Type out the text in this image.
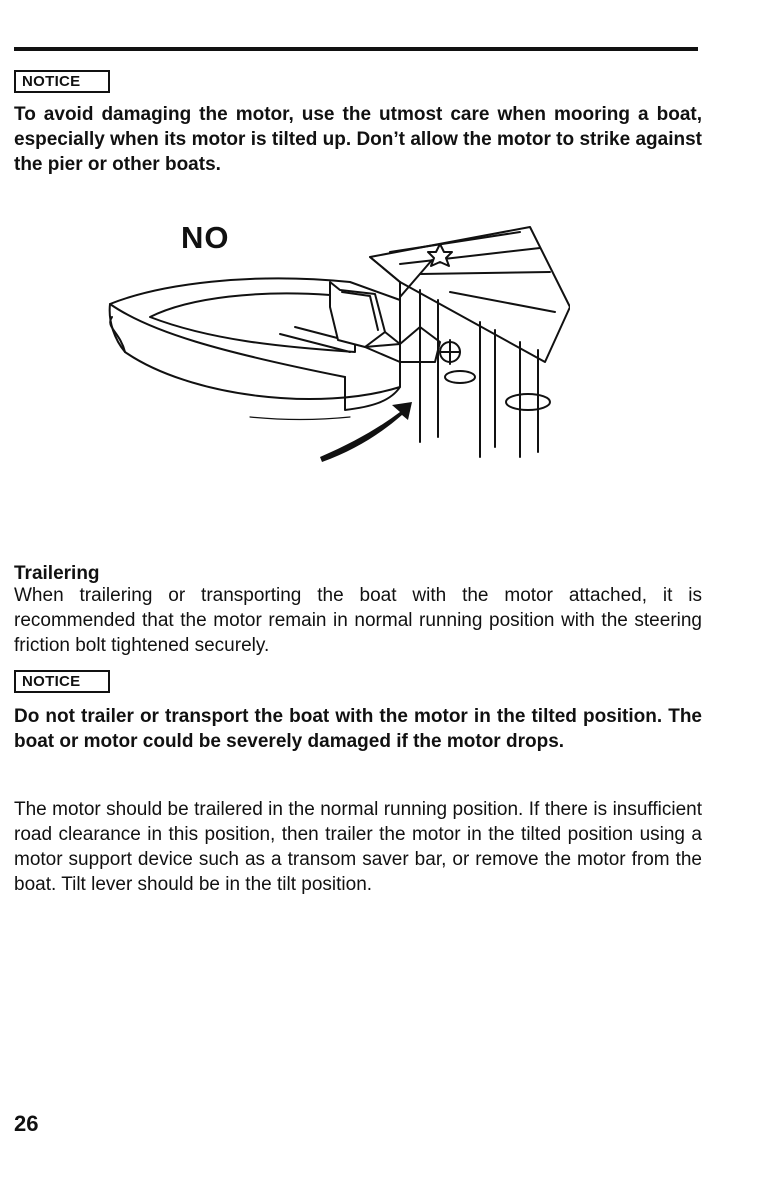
NOTICE

To avoid damaging the motor, use the utmost care when mooring a boat, especially when its motor is tilted up. Don’t allow the motor to strike against the pier or other boats.

NO

Trailering

When trailering or transporting the boat with the motor attached, it is recommended that the motor remain in normal running position with the steering friction bolt tightened securely.

NOTICE

Do not trailer or transport the boat with the motor in the tilted position. The boat or motor could be severely damaged if the motor drops.

The motor should be trailered in the normal running position. If there is insufficient road clearance in this position, then trailer the motor in the tilted position using a motor support device such as a transom saver bar, or remove the motor from the boat. Tilt lever should be in the tilt position.

26
